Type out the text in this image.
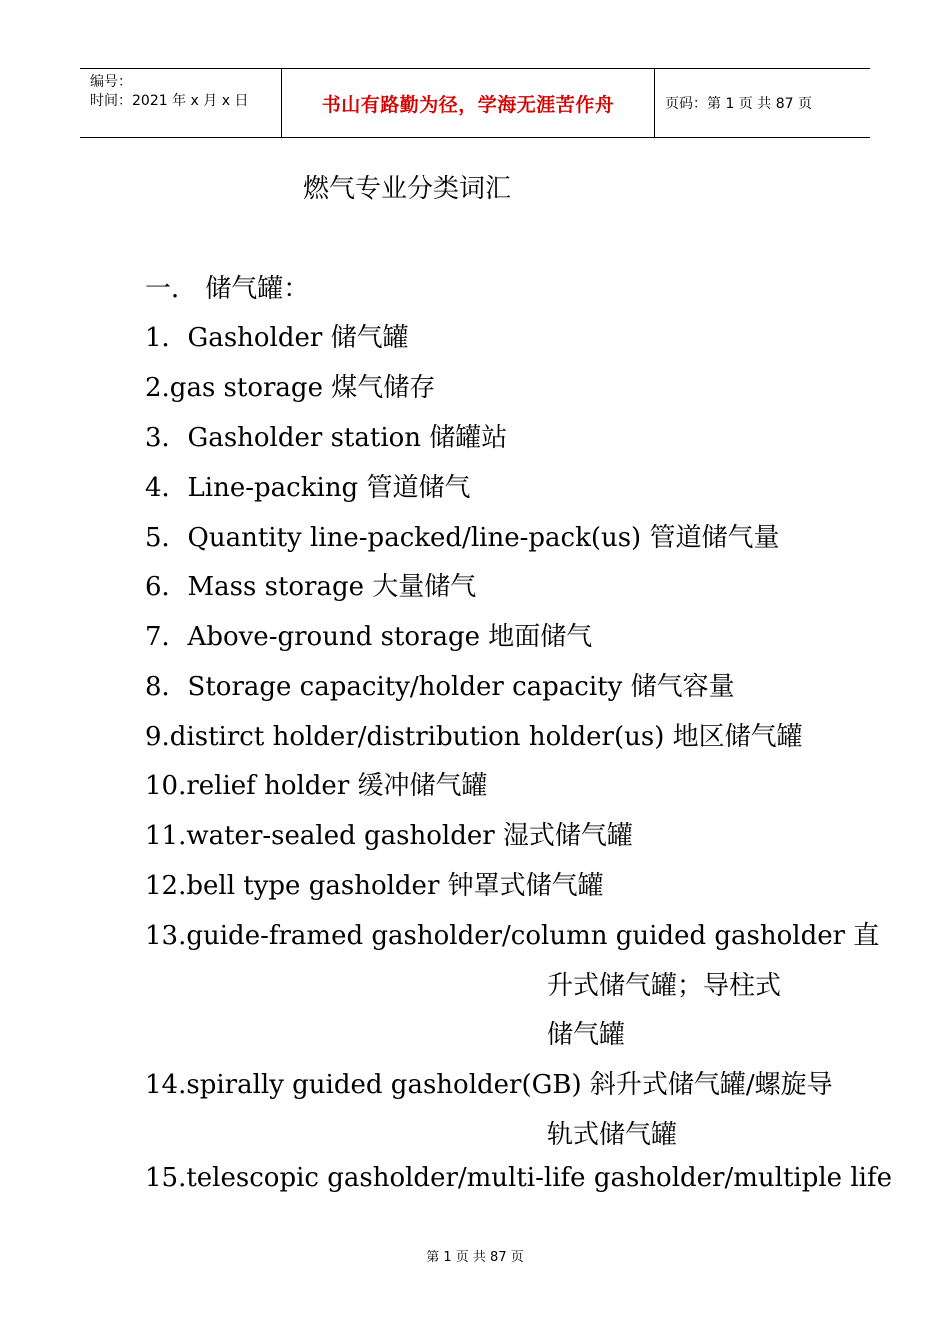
编号：
时间：2021 年 x 月 x 日	书山有路勤为径，学海无涯苦作舟	页码：第 1 页 共 87 页
燃气专业分类词汇
一． 储气罐：
1．Gasholder 储气罐
2.gas storage 煤气储存
3．Gasholder station 储罐站
4．Line-packing 管道储气
5．Quantity line-packed/line-pack(us) 管道储气量
6．Mass storage 大量储气
7．Above-ground storage 地面储气
8．Storage capacity/holder capacity 储气容量
9.distirct holder/distribution holder(us) 地区储气罐
10.relief holder 缓冲储气罐
11.water-sealed gasholder 湿式储气罐
12.bell type gasholder 钟罩式储气罐
13.guide-framed gasholder/column guided gasholder 直
升式储气罐；导柱式
储气罐
14.spirally guided gasholder(GB) 斜升式储气罐/螺旋导
轨式储气罐
15.telescopic gasholder/multi-life gasholder/multiple life
第 1 页 共 87 页
